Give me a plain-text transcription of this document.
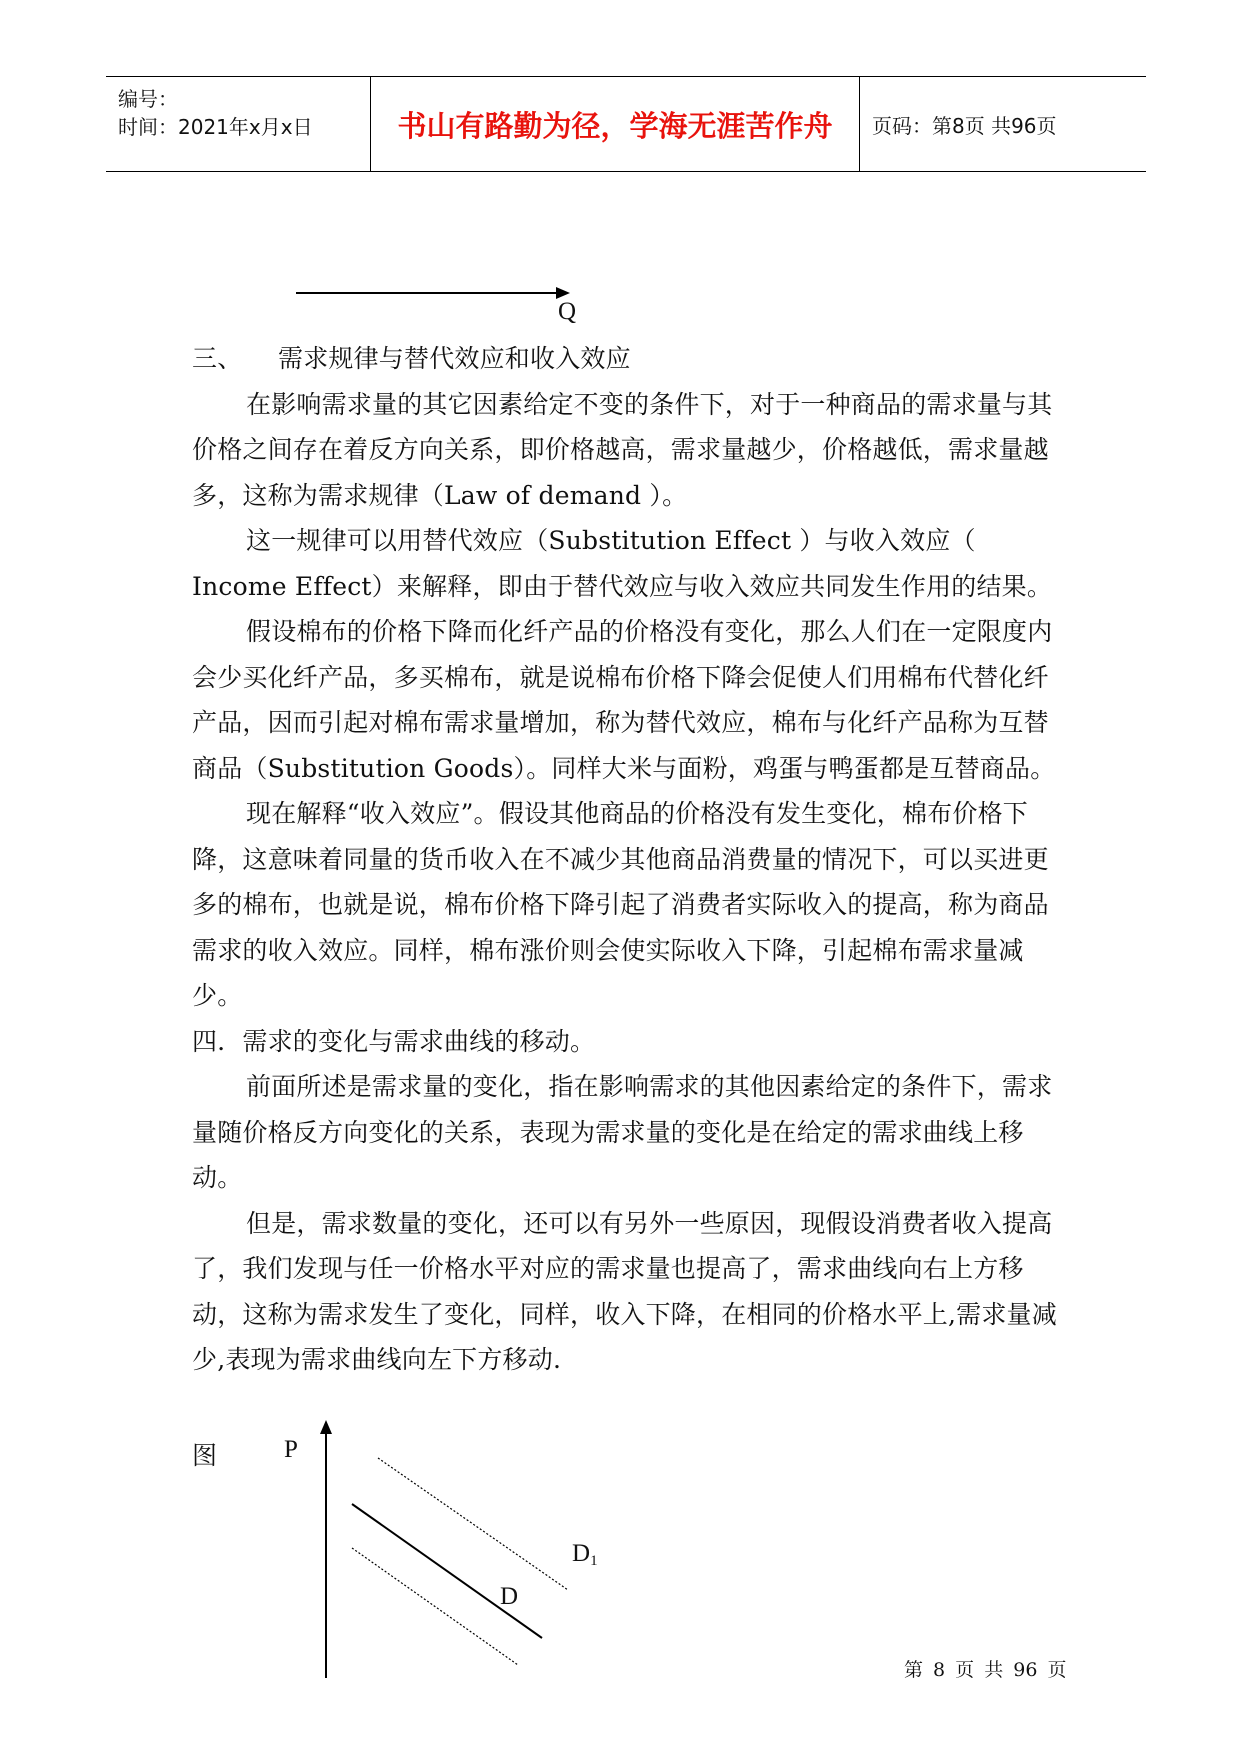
编号：
时间：2021年x月x日	书山有路勤为径，学海无涯苦作舟 页码：第8页 共96页
Q

三、 需求规律与替代效应和收入效应

在影响需求量的其它因素给定不变的条件下，对于一种商品的需求量与其价格之间存在着反方向关系，即价格越高，需求量越少，价格越低，需求量越多，这称为需求规律（Law of demand ）。

这一规律可以用替代效应（Substitution Effect ）与收入效应（ Income Effect）来解释，即由于替代效应与收入效应共同发生作用的结果。

假设棉布的价格下降而化纤产品的价格没有变化，那么人们在一定限度内会少买化纤产品，多买棉布，就是说棉布价格下降会促使人们用棉布代替化纤产品，因而引起对棉布需求量增加，称为替代效应，棉布与化纤产品称为互替商品（Substitution Goods）。同样大米与面粉，鸡蛋与鸭蛋都是互替商品。

现在解释“收入效应”。假设其他商品的价格没有发生变化，棉布价格下降，这意味着同量的货币收入在不减少其他商品消费量的情况下，可以买进更多的棉布，也就是说，棉布价格下降引起了消费者实际收入的提高，称为商品需求的收入效应。同样，棉布涨价则会使实际收入下降，引起棉布需求量减少。

四．需求的变化与需求曲线的移动。

前面所述是需求量的变化，指在影响需求的其他因素给定的条件下，需求量随价格反方向变化的关系，表现为需求量的变化是在给定的需求曲线上移动。

但是，需求数量的变化，还可以有另外一些原因，现假设消费者收入提高了，我们发现与任一价格水平对应的需求量也提高了，需求曲线向右上方移动，这称为需求发生了变化，同样，收入下降，在相同的价格水平上,需求量减少,表现为需求曲线向左下方移动.

图	P
$D_1$
D
第 8 页 共 96 页
